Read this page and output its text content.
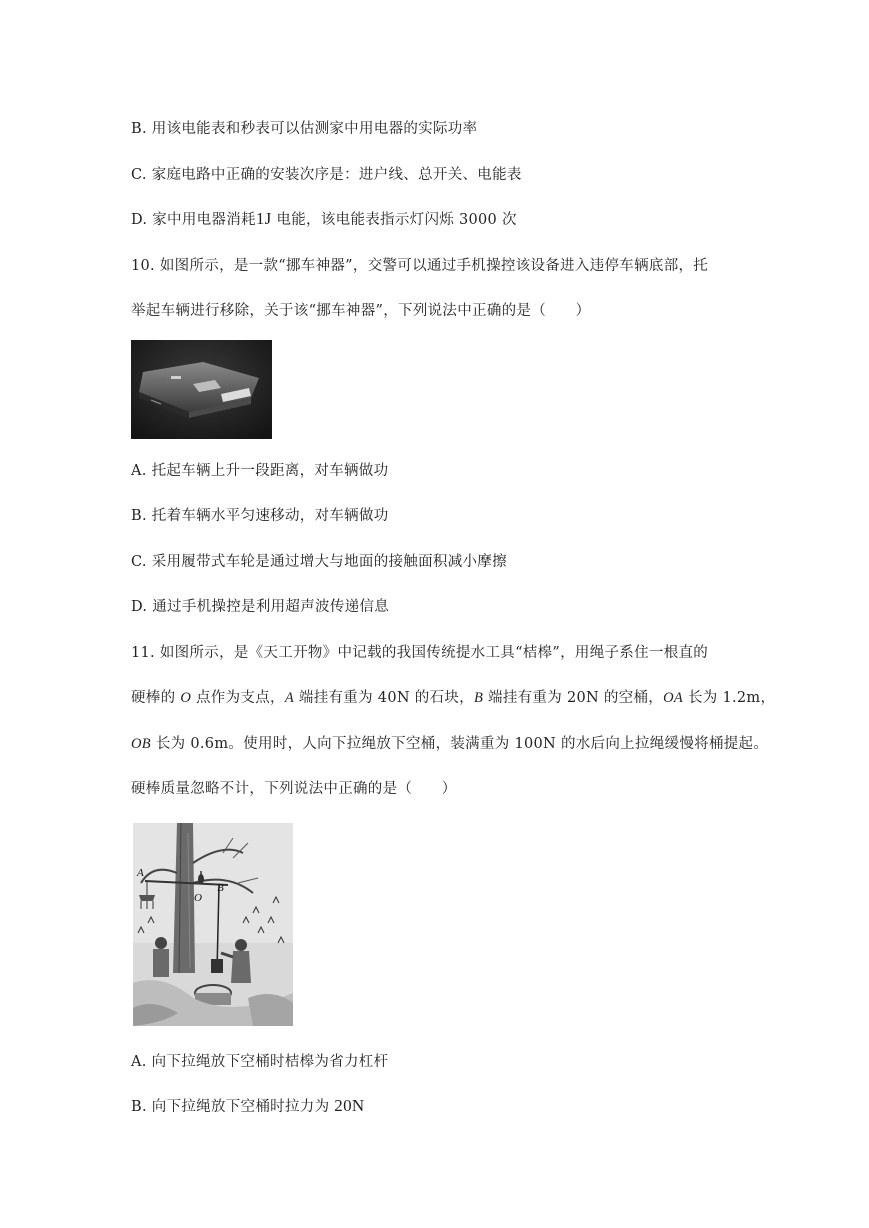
B. 用该电能表和秒表可以估测家中用电器的实际功率
C. 家庭电路中正确的安装次序是：进户线、总开关、电能表
D. 家中用电器消耗1J 电能，该电能表指示灯闪烁 3000 次
10. 如图所示，是一款“挪车神器”，交警可以通过手机操控该设备进入违停车辆底部，托
举起车辆进行移除，关于该“挪车神器”，下列说法中正确的是（　　）
A. 托起车辆上升一段距离，对车辆做功
B. 托着车辆水平匀速移动，对车辆做功
C. 采用履带式车轮是通过增大与地面的接触面积减小摩擦
D. 通过手机操控是利用超声波传递信息
11. 如图所示，是《天工开物》中记载的我国传统提水工具“桔槔”，用绳子系住一根直的
硬棒的 O 点作为支点，A 端挂有重为 40N 的石块，B 端挂有重为 20N 的空桶，OA 长为 1.2m，
OB 长为 0.6m。使用时，人向下拉绳放下空桶，装满重为 100N 的水后向上拉绳缓慢将桶提起。
硬棒质量忽略不计，下列说法中正确的是（　　）
A
O
B
A. 向下拉绳放下空桶时桔槔为省力杠杆
B. 向下拉绳放下空桶时拉力为 20N
